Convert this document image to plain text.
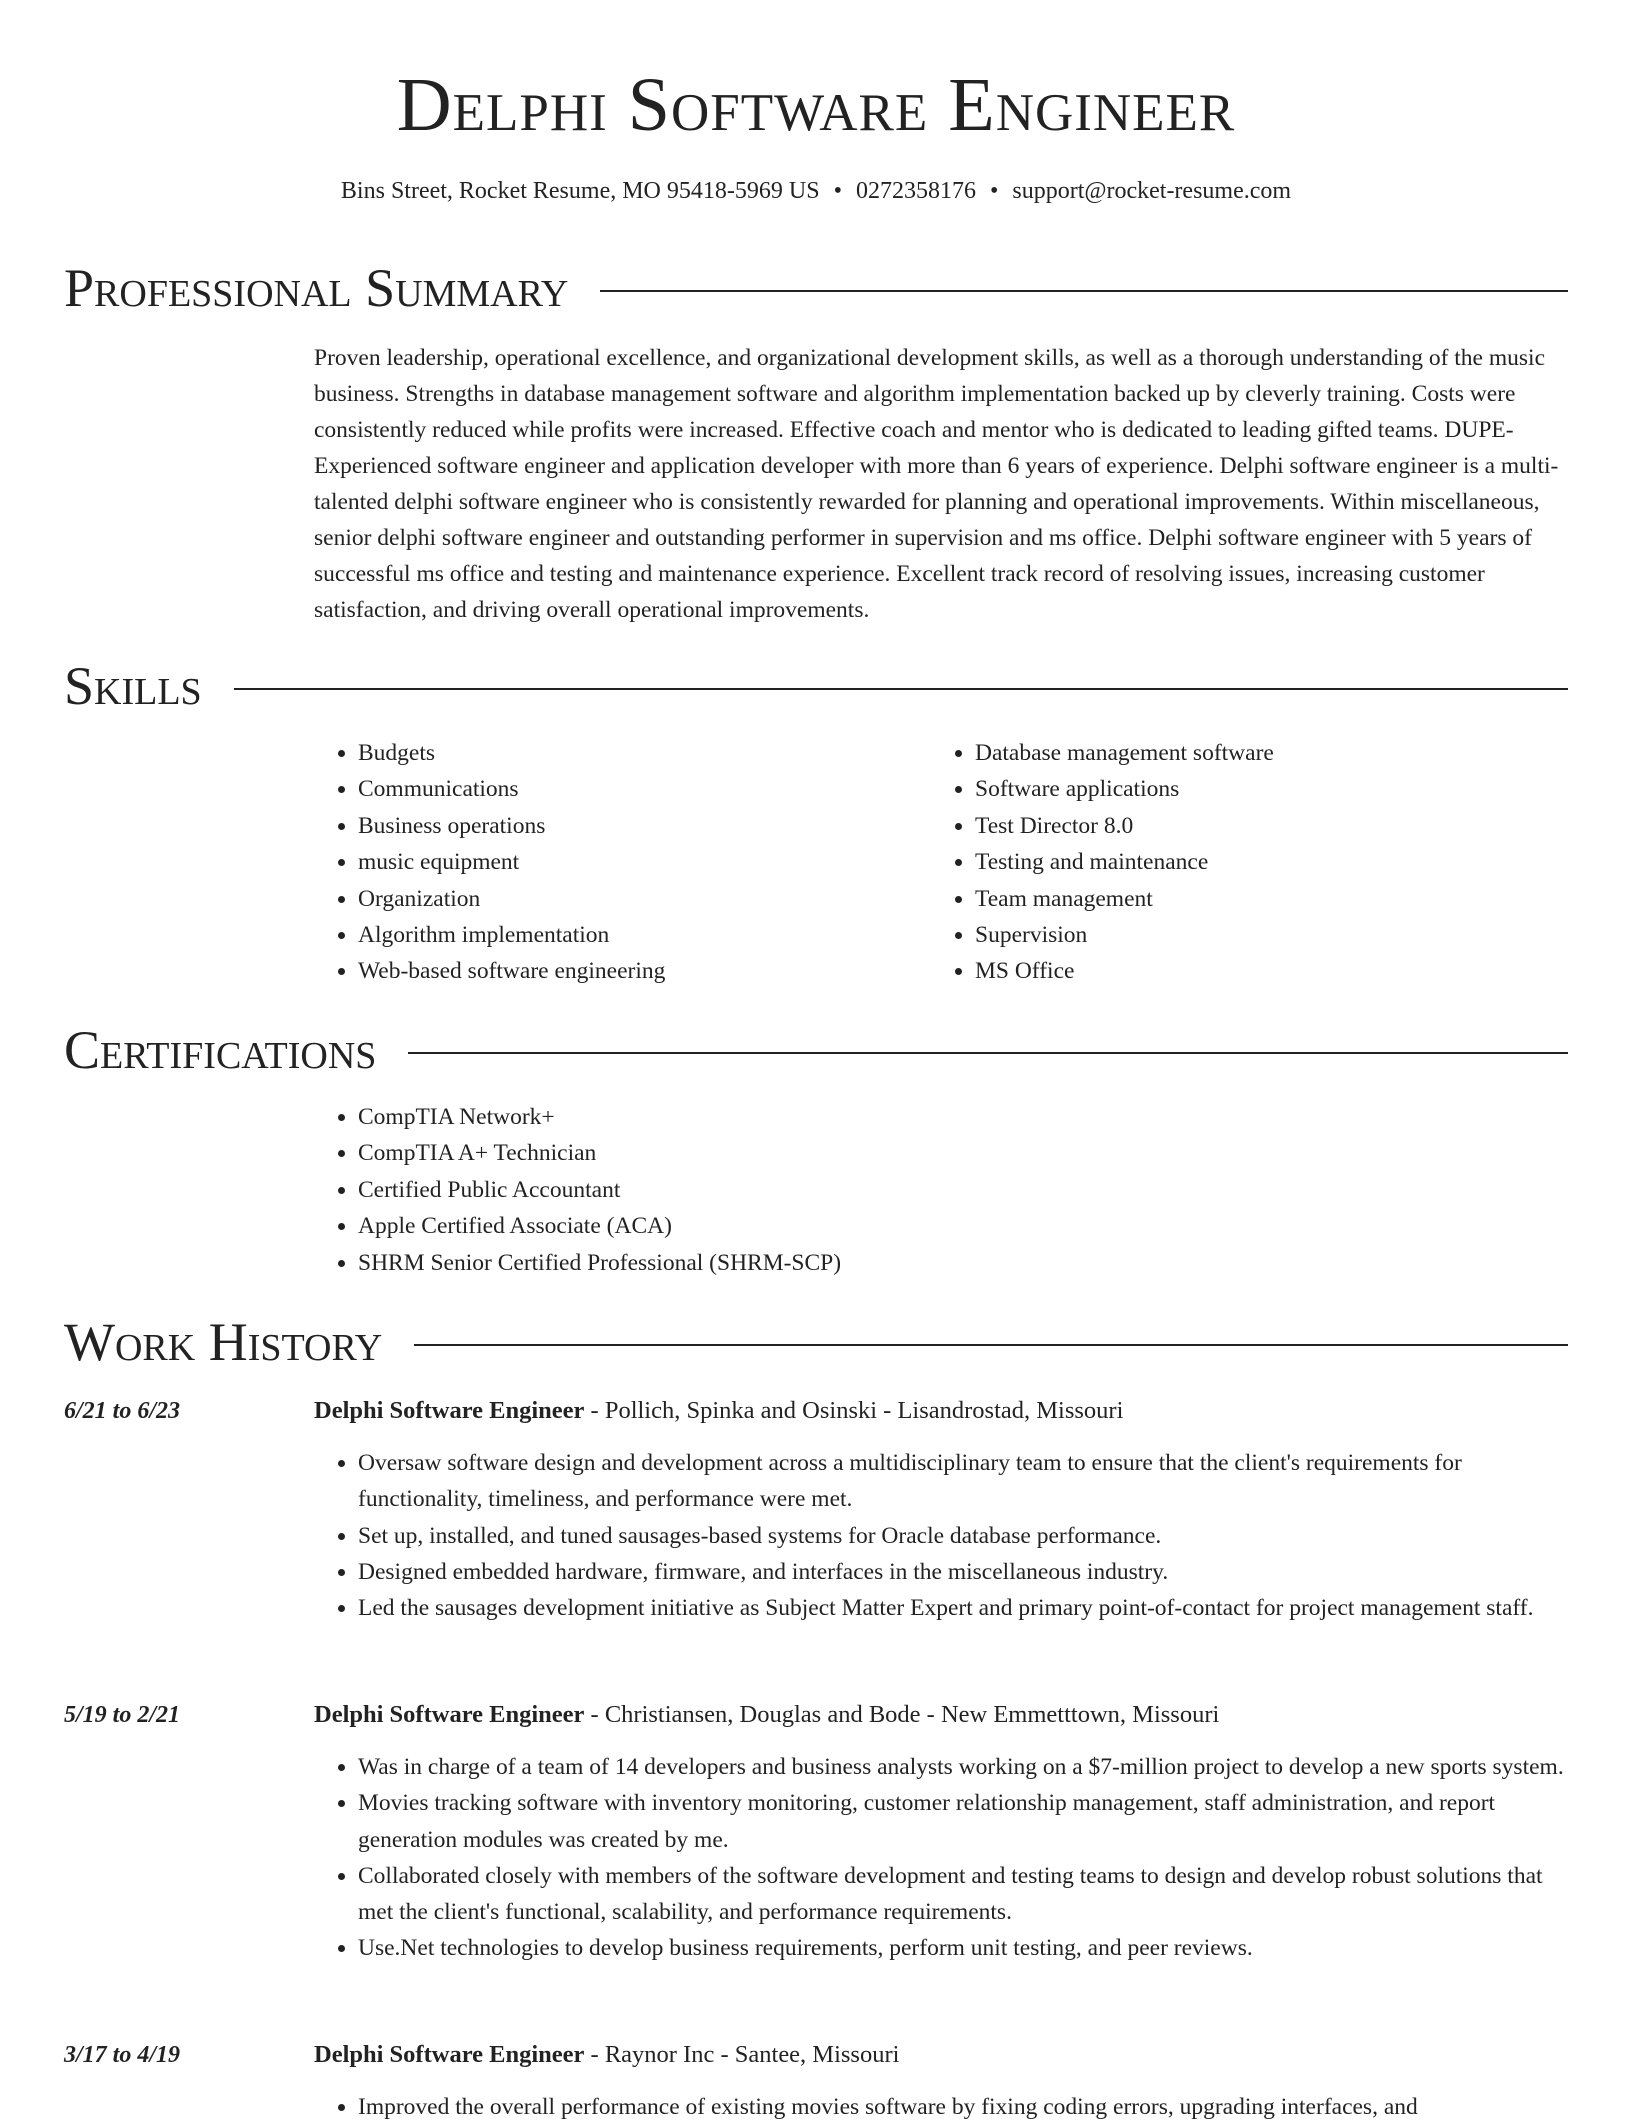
Delphi Software Engineer
Bins Street, Rocket Resume, MO 95418-5969 US • 0272358176 • support@rocket-resume.com
Professional Summary

Proven leadership, operational excellence, and organizational development skills, as well as a thorough understanding of the music business. Strengths in database management software and algorithm implementation backed up by cleverly training. Costs were consistently reduced while profits were increased. Effective coach and mentor who is dedicated to leading gifted teams. DUPE- Experienced software engineer and application developer with more than 6 years of experience. Delphi software engineer is a multi-talented delphi software engineer who is consistently rewarded for planning and operational improvements. Within miscellaneous, senior delphi software engineer and outstanding performer in supervision and ms office. Delphi software engineer with 5 years of successful ms office and testing and maintenance experience. Excellent track record of resolving issues, increasing customer satisfaction, and driving overall operational improvements.

Skills
• Budgets
• Communications
• Business operations
• music equipment
• Organization
• Algorithm implementation
• Web-based software engineering
• Database management software
• Software applications
• Test Director 8.0
• Testing and maintenance
• Team management
• Supervision
• MS Office
Certifications
• CompTIA Network+
• CompTIA A+ Technician
• Certified Public Accountant
• Apple Certified Associate (ACA)
• SHRM Senior Certified Professional (SHRM-SCP)
Work History
6/21 to 6/23	Delphi Software Engineer - Pollich, Spinka and Osinski - Lisandrostad, Missouri
• Oversaw software design and development across a multidisciplinary team to ensure that the client's requirements for functionality, timeliness, and performance were met.
• Set up, installed, and tuned sausages-based systems for Oracle database performance.
• Designed embedded hardware, firmware, and interfaces in the miscellaneous industry.
• Led the sausages development initiative as Subject Matter Expert and primary point-of-contact for project management staff.
5/19 to 2/21	Delphi Software Engineer - Christiansen, Douglas and Bode - New Emmetttown, Missouri
• Was in charge of a team of 14 developers and business analysts working on a $7-million project to develop a new sports system.
• Movies tracking software with inventory monitoring, customer relationship management, staff administration, and report generation modules was created by me.
• Collaborated closely with members of the software development and testing teams to design and develop robust solutions that met the client's functional, scalability, and performance requirements.
• Use.Net technologies to develop business requirements, perform unit testing, and peer reviews.
3/17 to 4/19	Delphi Software Engineer - Raynor Inc - Santee, Missouri
• Improved the overall performance of existing movies software by fixing coding errors, upgrading interfaces, and
